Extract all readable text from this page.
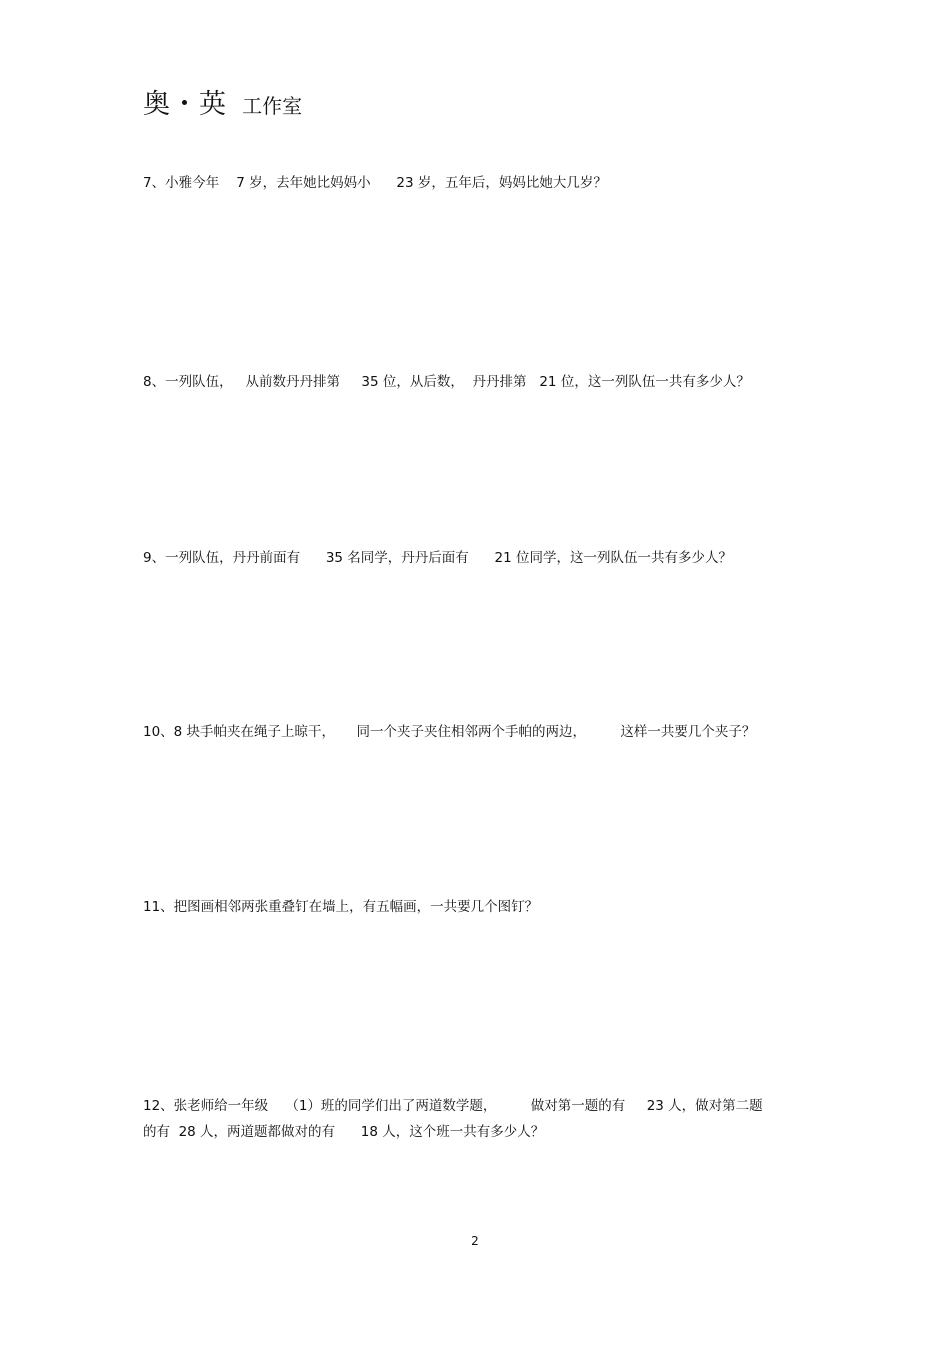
奥・英 工作室
7、小雅今年    7 岁，去年她比妈妈小      23 岁，五年后，妈妈比她大几岁？
8、一列队伍，   从前数丹丹排第     35 位，从后数，  丹丹排第   21 位，这一列队伍一共有多少人？
9、一列队伍，丹丹前面有      35 名同学，丹丹后面有      21 位同学，这一列队伍一共有多少人？
10、8 块手帕夹在绳子上晾干，     同一个夹子夹住相邻两个手帕的两边，        这样一共要几个夹子？
11、把图画相邻两张重叠钉在墙上，有五幅画，一共要几个图钉？
12、张老师给一年级    （1）班的同学们出了两道数学题，        做对第一题的有     23 人，做对第二题
的有  28 人，两道题都做对的有      18 人，这个班一共有多少人？
2
